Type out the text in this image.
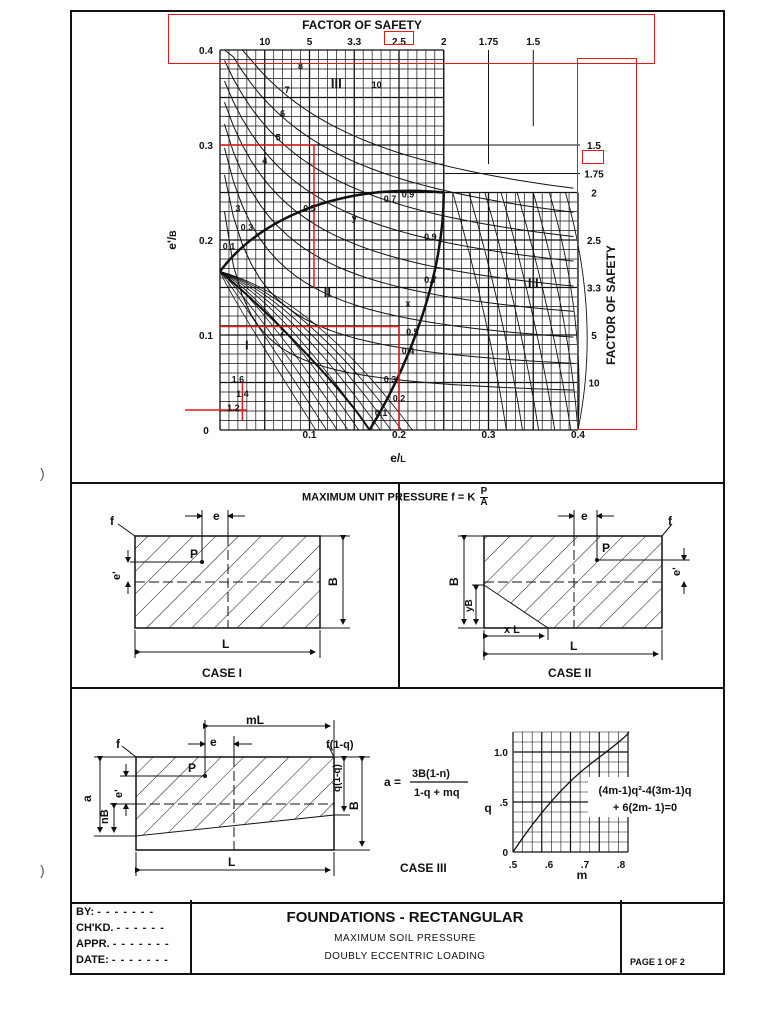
FACTOR OF SAFETY
e'/B
e/L
FACTOR OF SAFETY
10	5	3.3	2.5	2	1.75	1.5
1.5
1.75
2
2.5
3.3
5
10
0.4
0.3
0.2
0.1
0	0.1	0.2	0.3	0.4
I
II
III
III
8
7
6
5
4
3
2
1.6
1.4
1.2
10
0.9
0.7
0.5
0.4
0.3
0.2
0.1
0.1
0.3
0.5
0.7 0.9
x
y
MAXIMUM UNIT PRESSURE f = K $\frac{P}{A}$
f	e
P
e'
B
L
CASE I
f
e
P
e'
B
yB
x L
L
CASE II
f	f(1-q)
mL
e
P
e'
a
nB
q(1-q)
B
L	CASE III
a =
3B(1-n)
1-q + mq
1.0
.5
0
.5	.6	.7	.8
q
m
(4m-1)q²-4(3m-1)q
+ 6(2m- 1)=0
BY: - - - - - - -
CH'KD. - - - - - -
APPR. - - - - - - -
DATE: - - - - - - -
FOUNDATIONS - RECTANGULAR
MAXIMUM SOIL PRESSURE
DOUBLY ECCENTRIC LOADING	PAGE 1 OF 2
)
)
